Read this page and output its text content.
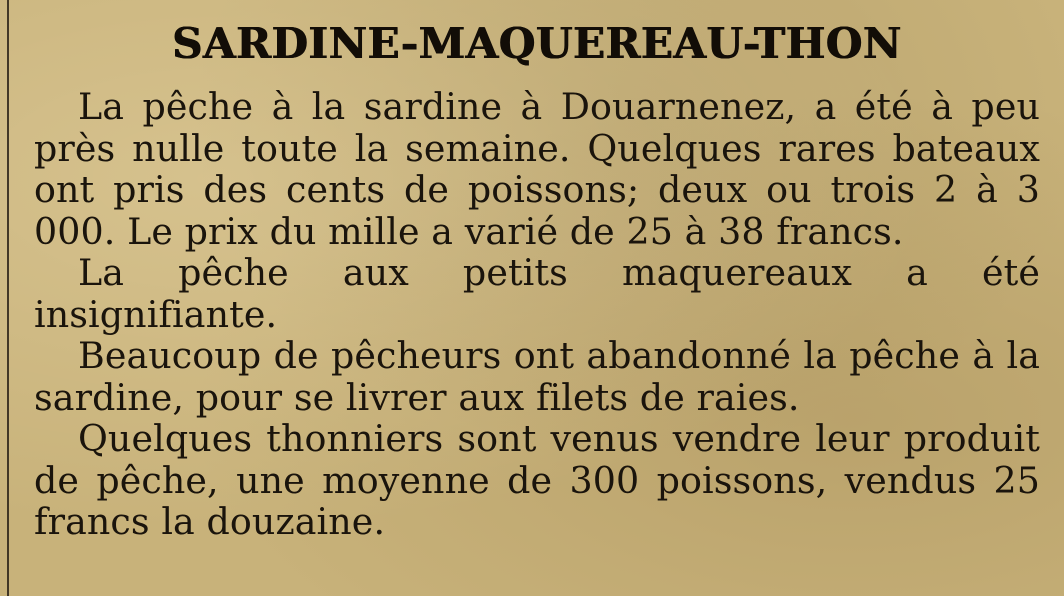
SARDINE-MAQUEREAU-THON

La pêche à la sardine à Douarnenez, a été à peu près nulle toute la semaine. Quelques rares bateaux ont pris des cents de poissons; deux ou trois 2 à 3 000. Le prix du mille a varié de 25 à 38 francs.

La pêche aux petits maquereaux a été insignifiante.

Beaucoup de pêcheurs ont abandonné la pêche à la sardine, pour se livrer aux filets de raies.

Quelques thonniers sont venus vendre leur produit de pêche, une moyenne de 300 poissons, vendus 25 francs la douzaine.
